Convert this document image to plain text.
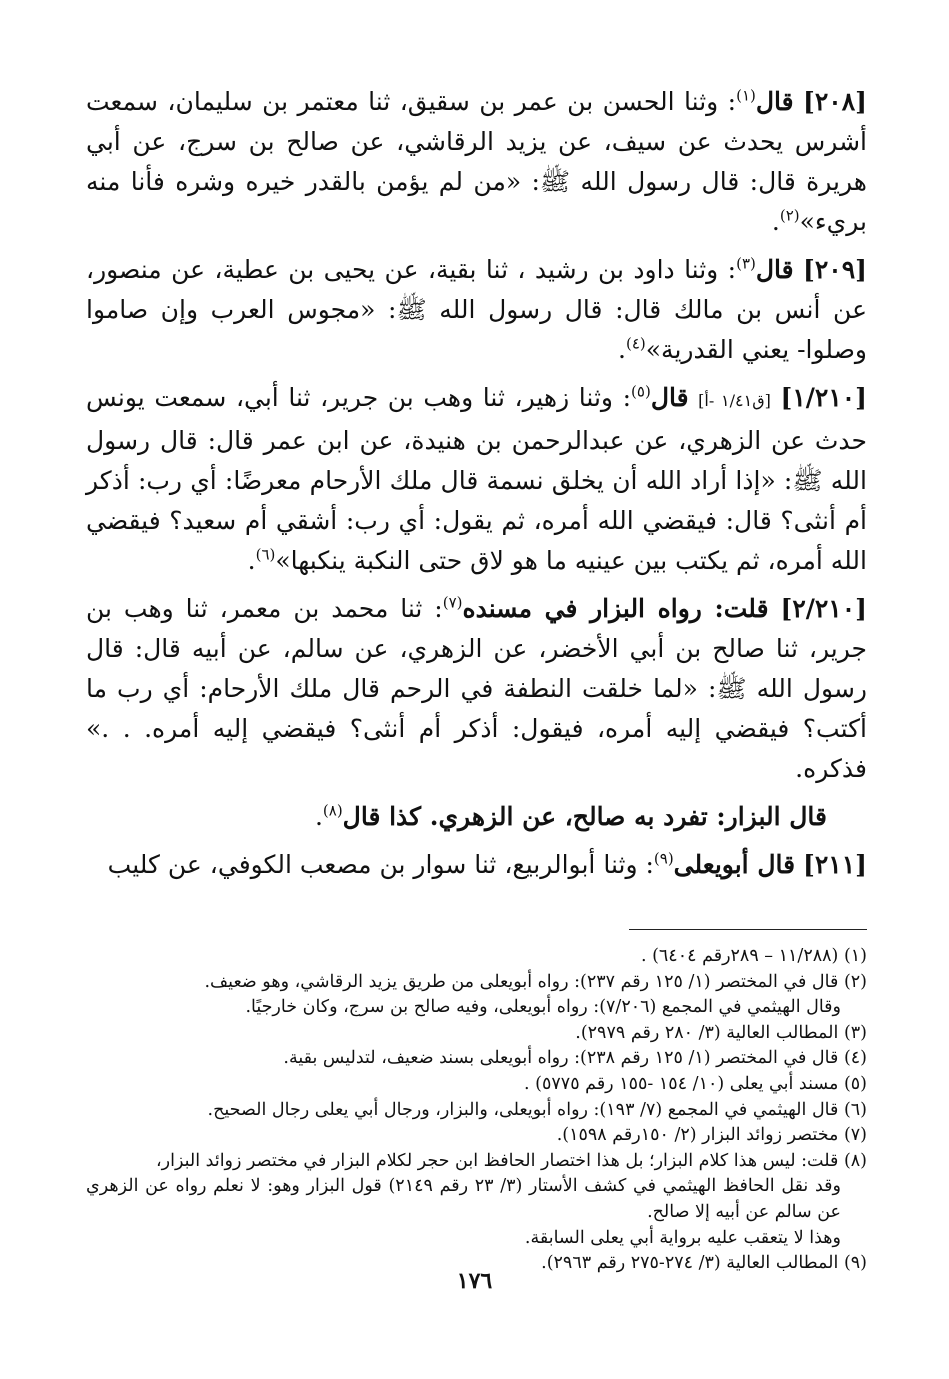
[٢٠٨] قال$^{(١)}$: وثنا الحسن بن عمر بن سقيق، ثنا معتمر بن سليمان، سمعت أشرس يحدث عن سيف، عن يزيد الرقاشي، عن صالح بن سرج، عن أبي هريرة قال: قال رسول الله ﷺ: «من لم يؤمن بالقدر خيره وشره فأنا منه بريء»$^{(٢)}$.

[٢٠٩] قال$^{(٣)}$: وثنا داود بن رشيد ، ثنا بقية، عن يحيى بن عطية، عن منصور، عن أنس بن مالك قال: قال رسول الله ﷺ: «مجوس العرب وإن صاموا وصلوا- يعني القدرية»$^{(٤)}$.

[١/٢١٠] [ق١/٤١ -أ] قال$^{(٥)}$: وثنا زهير، ثنا وهب بن جرير، ثنا أبي، سمعت يونس حدث عن الزهري، عن عبدالرحمن بن هنيدة، عن ابن عمر قال: قال رسول الله ﷺ: «إذا أراد الله أن يخلق نسمة قال ملك الأرحام معرضًا: أي رب: أذكر أم أنثى؟ قال: فيقضي الله أمره، ثم يقول: أي رب: أشقي أم سعيد؟ فيقضي الله أمره، ثم يكتب بين عينيه ما هو لاق حتى النكبة ينكبها»$^{(٦)}$.

[٢/٢١٠] قلت: رواه البزار في مسنده$^{(٧)}$: ثنا محمد بن معمر، ثنا وهب بن جرير، ثنا صالح بن أبي الأخضر، عن الزهري، عن سالم، عن أبيه قال: قال رسول الله ﷺ: «لما خلقت النطفة في الرحم قال ملك الأرحام: أي رب ما أكتب؟ فيقضي إليه أمره، فيقول: أذكر أم أنثى؟ فيقضي إليه أمره. . .» فذكره.

قال البزار: تفرد به صالح، عن الزهري. كذا قال$^{(٨)}$.

[٢١١] قال أبويعلى$^{(٩)}$: وثنا أبوالربيع، ثنا سوار بن مصعب الكوفي، عن كليب

(١) (١١/٢٨٨ – ٢٨٩رقم ٦٤٠٤) .
(٢) قال في المختصر (١/ ١٢٥ رقم ٢٣٧): رواه أبويعلى من طريق يزيد الرقاشي، وهو ضعيف.
وقال الهيثمي في المجمع (٧/٢٠٦): رواه أبويعلى، وفيه صالح بن سرج، وكان خارجيًا.
(٣) المطالب العالية (٣/ ٢٨٠ رقم ٢٩٧٩).
(٤) قال في المختصر (١/ ١٢٥ رقم ٢٣٨): رواه أبويعلى بسند ضعيف، لتدليس بقية.
(٥) مسند أبي يعلى (١٠/ ١٥٤ -١٥٥ رقم ٥٧٧٥) .
(٦) قال الهيثمي في المجمع (٧/ ١٩٣): رواه أبويعلى، والبزار، ورجال أبي يعلى رجال الصحيح.
(٧) مختصر زوائد البزار (٢/ ١٥٠رقم ١٥٩٨).
(٨) قلت: ليس هذا كلام البزار؛ بل هذا اختصار الحافظ ابن حجر لكلام البزار في مختصر زوائد البزار،
وقد نقل الحافظ الهيثمي في كشف الأستار (٣/ ٢٣ رقم ٢١٤٩) قول البزار وهو: لا نعلم رواه عن الزهري عن سالم عن أبيه إلا صالح.
وهذا لا يتعقب عليه برواية أبي يعلى السابقة.
(٩) المطالب العالية (٣/ ٢٧٤-٢٧٥ رقم ٢٩٦٣).
١٧٦
